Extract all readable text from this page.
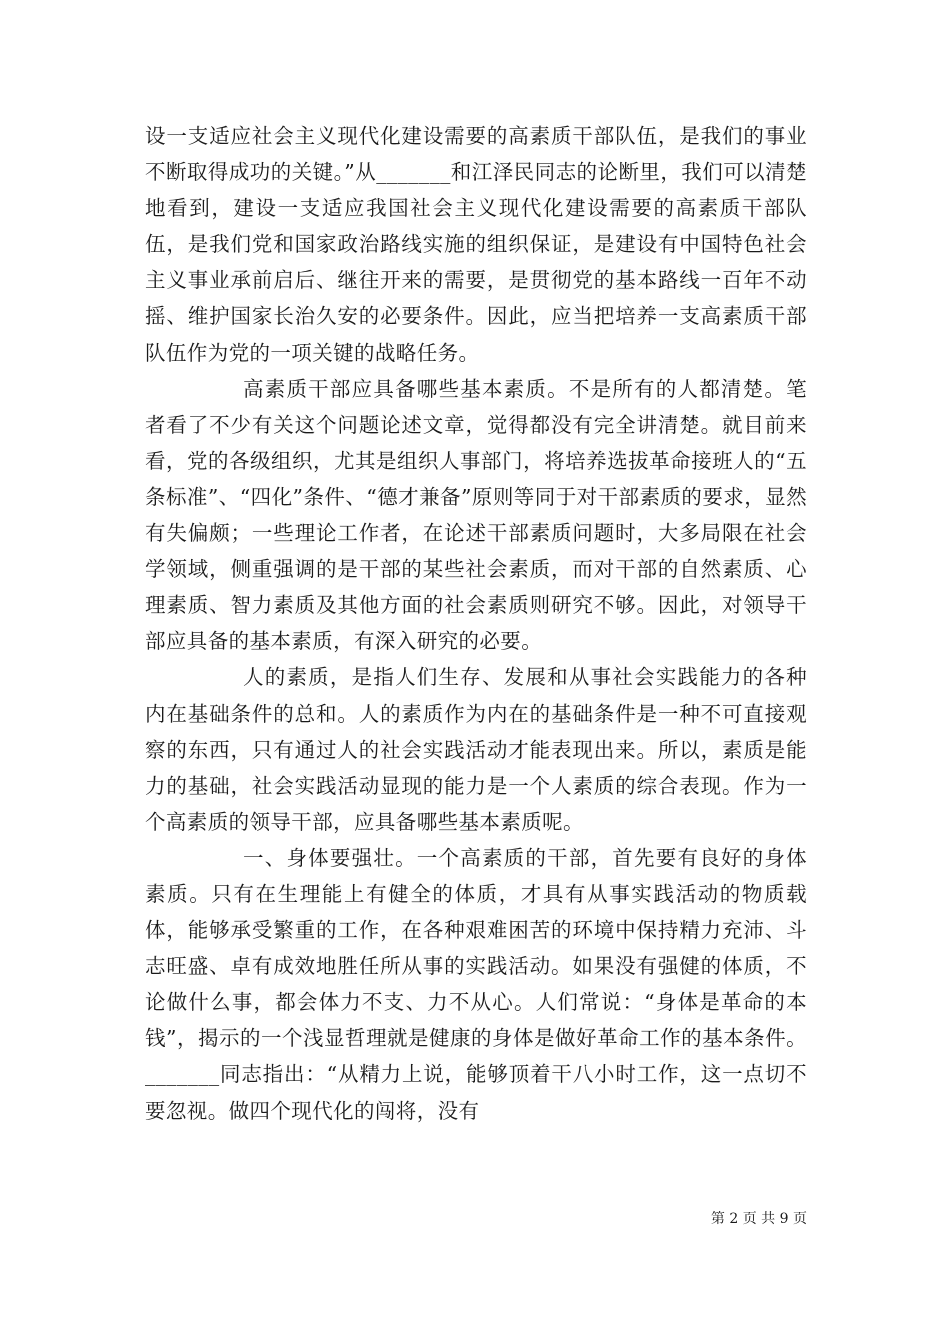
设一支适应社会主义现代化建设需要的高素质干部队伍，是我们的事业不断取得成功的关键。”从_______和江泽民同志的论断里，我们可以清楚地看到，建设一支适应我国社会主义现代化建设需要的高素质干部队伍，是我们党和国家政治路线实施的组织保证，是建设有中国特色社会主义事业承前启后、继往开来的需要，是贯彻党的基本路线一百年不动摇、维护国家长治久安的必要条件。因此，应当把培养一支高素质干部队伍作为党的一项关键的战略任务。

高素质干部应具备哪些基本素质。不是所有的人都清楚。笔者看了不少有关这个问题论述文章，觉得都没有完全讲清楚。就目前来看，党的各级组织，尤其是组织人事部门，将培养选拔革命接班人的“五条标准”、“四化”条件、“德才兼备”原则等同于对干部素质的要求，显然有失偏颇；一些理论工作者，在论述干部素质问题时，大多局限在社会学领域，侧重强调的是干部的某些社会素质，而对干部的自然素质、心理素质、智力素质及其他方面的社会素质则研究不够。因此，对领导干部应具备的基本素质，有深入研究的必要。

人的素质，是指人们生存、发展和从事社会实践能力的各种内在基础条件的总和。人的素质作为内在的基础条件是一种不可直接观察的东西，只有通过人的社会实践活动才能表现出来。所以，素质是能力的基础，社会实践活动显现的能力是一个人素质的综合表现。作为一个高素质的领导干部，应具备哪些基本素质呢。

一、身体要强壮。一个高素质的干部，首先要有良好的身体素质。只有在生理能上有健全的体质，才具有从事实践活动的物质载体，能够承受繁重的工作，在各种艰难困苦的环境中保持精力充沛、斗志旺盛、卓有成效地胜任所从事的实践活动。如果没有强健的体质，不论做什么事，都会体力不支、力不从心。人们常说：“身体是革命的本钱”，揭示的一个浅显哲理就是健康的身体是做好革命工作的基本条件。_______同志指出：“从精力上说，能够顶着干八小时工作，这一点切不要忽视。做四个现代化的闯将，没有

第 2 页 共 9 页
